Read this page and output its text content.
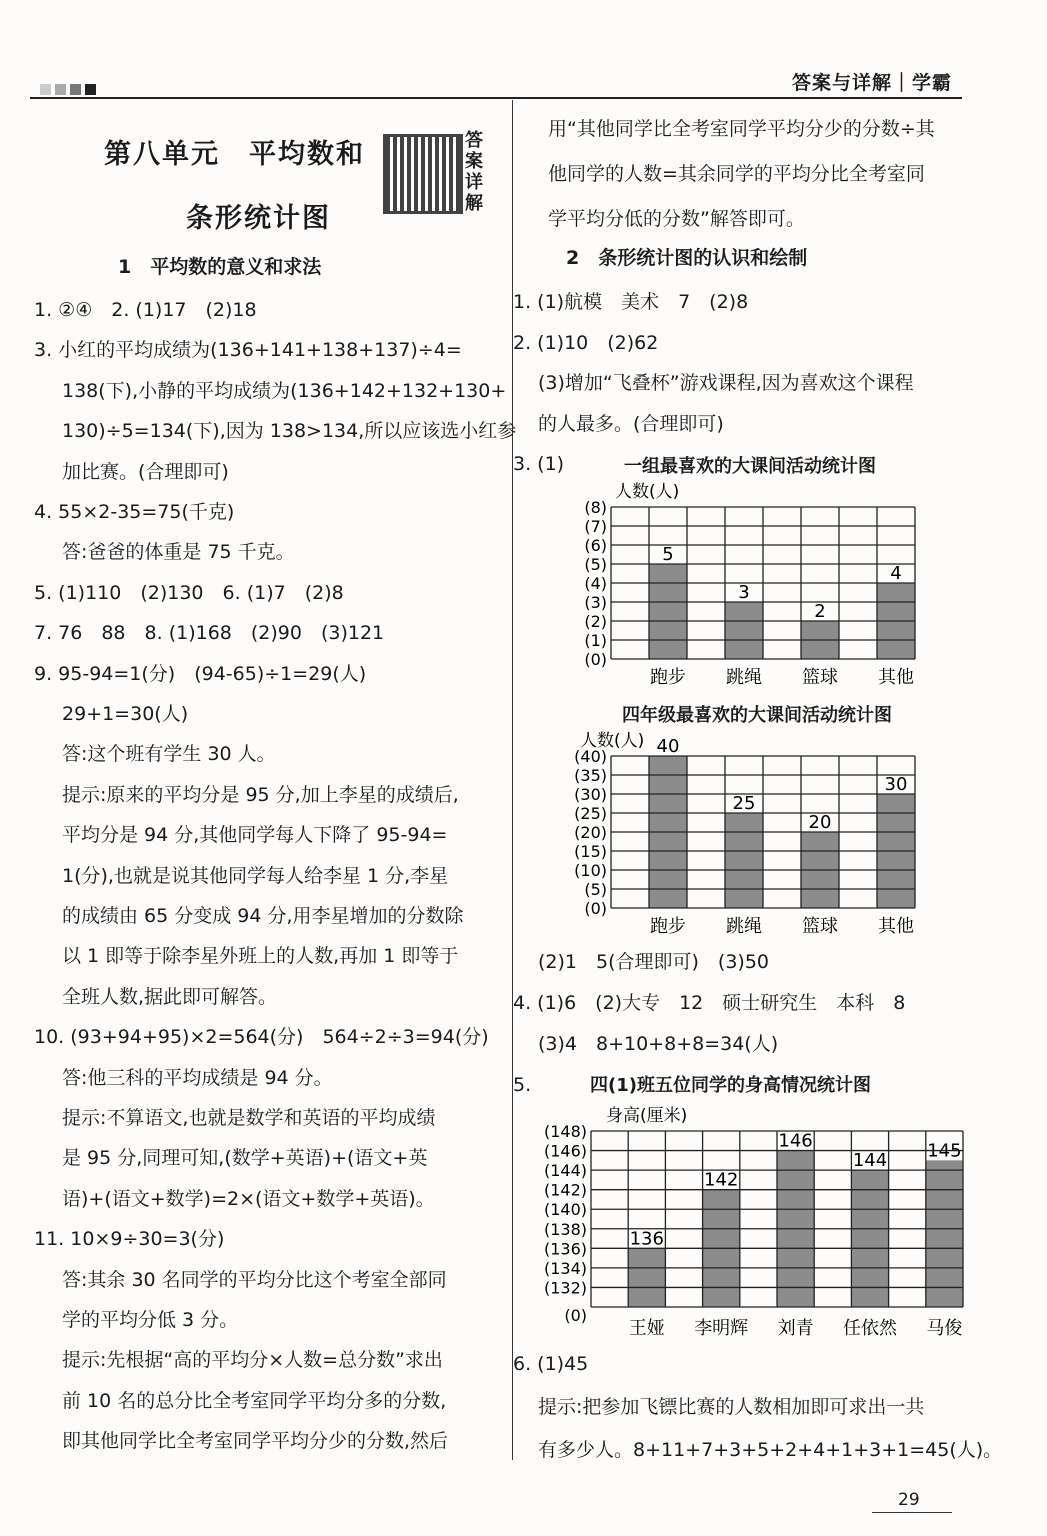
答案与详解｜学霸
第八单元　平均数和
条形统计图
答案详解
1　平均数的意义和求法
1. ②④　2. (1)17　(2)18
3. 小红的平均成绩为(136+141+138+137)÷4=
138(下),小静的平均成绩为(136+142+132+130+
130)÷5=134(下),因为 138>134,所以应该选小红参
加比赛。(合理即可)
4. 55×2-35=75(千克)
答:爸爸的体重是 75 千克。
5. (1)110　(2)130　6. (1)7　(2)8
7. 76　88　8. (1)168　(2)90　(3)121
9. 95-94=1(分)　(94-65)÷1=29(人)
29+1=30(人)
答:这个班有学生 30 人。
提示:原来的平均分是 95 分,加上李星的成绩后,
平均分是 94 分,其他同学每人下降了 95-94=
1(分),也就是说其他同学每人给李星 1 分,李星
的成绩由 65 分变成 94 分,用李星增加的分数除
以 1 即等于除李星外班上的人数,再加 1 即等于
全班人数,据此即可解答。
10. (93+94+95)×2=564(分)　564÷2÷3=94(分)
答:他三科的平均成绩是 94 分。
提示:不算语文,也就是数学和英语的平均成绩
是 95 分,同理可知,(数学+英语)+(语文+英
语)+(语文+数学)=2×(语文+数学+英语)。
11. 10×9÷30=3(分)
答:其余 30 名同学的平均分比这个考室全部同
学的平均分低 3 分。
提示:先根据“高的平均分×人数=总分数”求出
前 10 名的总分比全考室同学平均分多的分数,
即其他同学比全考室同学平均分少的分数,然后
用“其他同学比全考室同学平均分少的分数÷其
他同学的人数=其余同学的平均分比全考室同
学平均分低的分数”解答即可。
2　条形统计图的认识和绘制
1. (1)航模　美术　7　(2)8
2. (1)10　(2)62
(3)增加“飞叠杯”游戏课程,因为喜欢这个课程
的人最多。(合理即可)
3. (1)	一组最喜欢的大课间活动统计图
人数(人)
5
3
2
4
(0)
(1)
(2)
(3)
(4)
(5)
(6)
(7)
(8)
跑步 跳绳 篮球 其他
四年级最喜欢的大课间活动统计图
人数(人) 40
25
20
30
(0)
(5)
(10)
(15)
(20)
(25)
(30)
(35)
(40)
跑步 跳绳 篮球 其他
(2)1　5(合理即可)　(3)50
4. (1)6　(2)大专　12　硕士研究生　本科　8
(3)4　8+10+8+8=34(人)
5.	四(1)班五位同学的身高情况统计图
身高(厘米)
136
142
146
144 145
(0)
(132)
(134)
(136)
(138)
(140)
(142)
(144)
(146)
(148)
王娅 李明辉 刘青 任依然 马俊
6. (1)45
提示:把参加飞镖比赛的人数相加即可求出一共
有多少人。8+11+7+3+5+2+4+1+3+1=45(人)。
29
